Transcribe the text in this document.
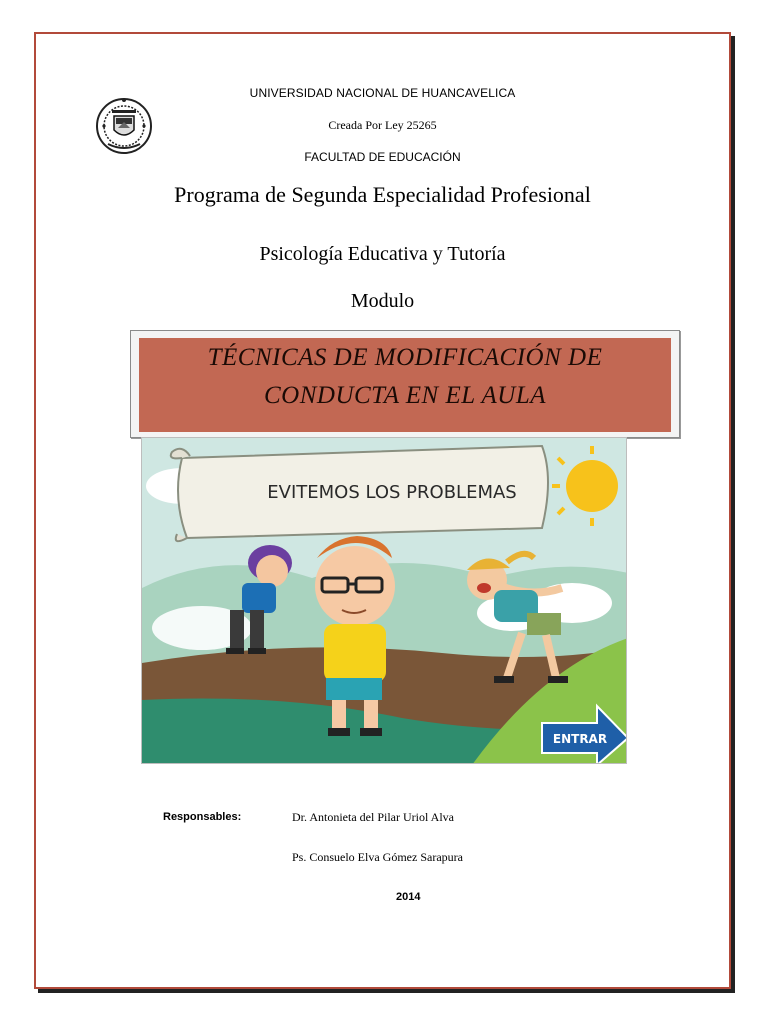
UNIVERSIDAD NACIONAL DE HUANCAVELICA
Creada Por Ley 25265
FACULTAD DE EDUCACIÓN
Programa de Segunda Especialidad Profesional
Psicología Educativa y Tutoría
Modulo
TÉCNICAS DE MODIFICACIÓN DE
CONDUCTA EN EL AULA
EVITEMOS LOS PROBLEMAS
ENTRAR
Responsables:	Dr. Antonieta del Pilar Uriol Alva
Ps. Consuelo Elva Gómez Sarapura
2014
